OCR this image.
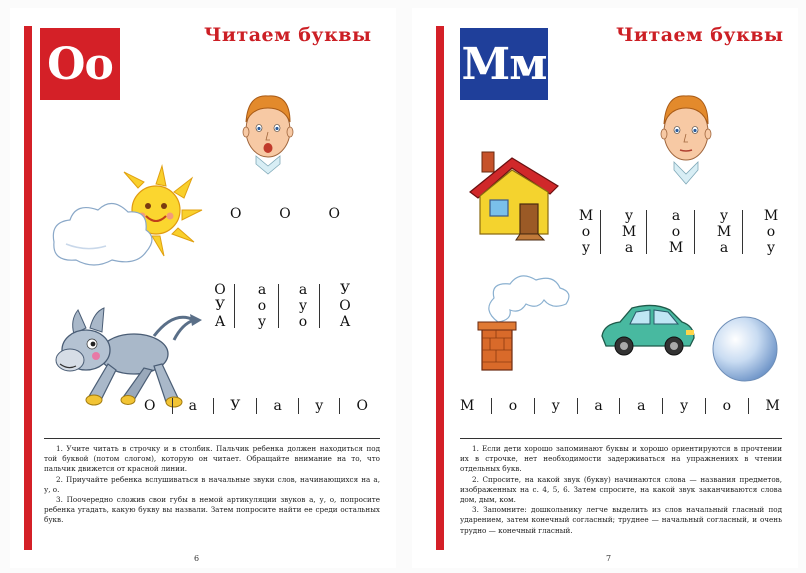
Оо
Читаем буквы
О	О	О
О
У
А
а
о
у
а
у
о
У
О
А
О а У а у О

1. Учите читать в строчку и в столбик. Пальчик ребенка должен находиться под той буквой (потом слогом), которую он читает. Обращайте внимание на то, что пальчик движется от красной линии.

2. Приучайте ребенка вслушиваться в начальные звуки слов, начинающихся на а, у, о.

3. Поочередно сложив свои губы в немой артикуляции звуков а, у, о, попросите ребенка угадать, какую букву вы назвали. Затем попросите найти ее среди остальных букв.

6
Мм
Читаем буквы
М
о
у
у
М
а
а
о
М
у
М
а
М
о
у
М о у а а у о М

1. Если дети хорошо запоминают буквы и хорошо ориентируются в прочтении их в строчке, нет необходимости задерживаться на упражнениях в чтении отдельных букв.

2. Спросите, на какой звук (букву) начинаются слова — названия предметов, изображенных на с. 4, 5, 6. Затем спросите, на какой звук заканчиваются слова дом, дым, ком.

3. Запомните: дошкольнику легче выделить из слов начальный гласный под ударением, затем конечный согласный; труднее — начальный согласный, и очень трудно — конечный гласный.

7
